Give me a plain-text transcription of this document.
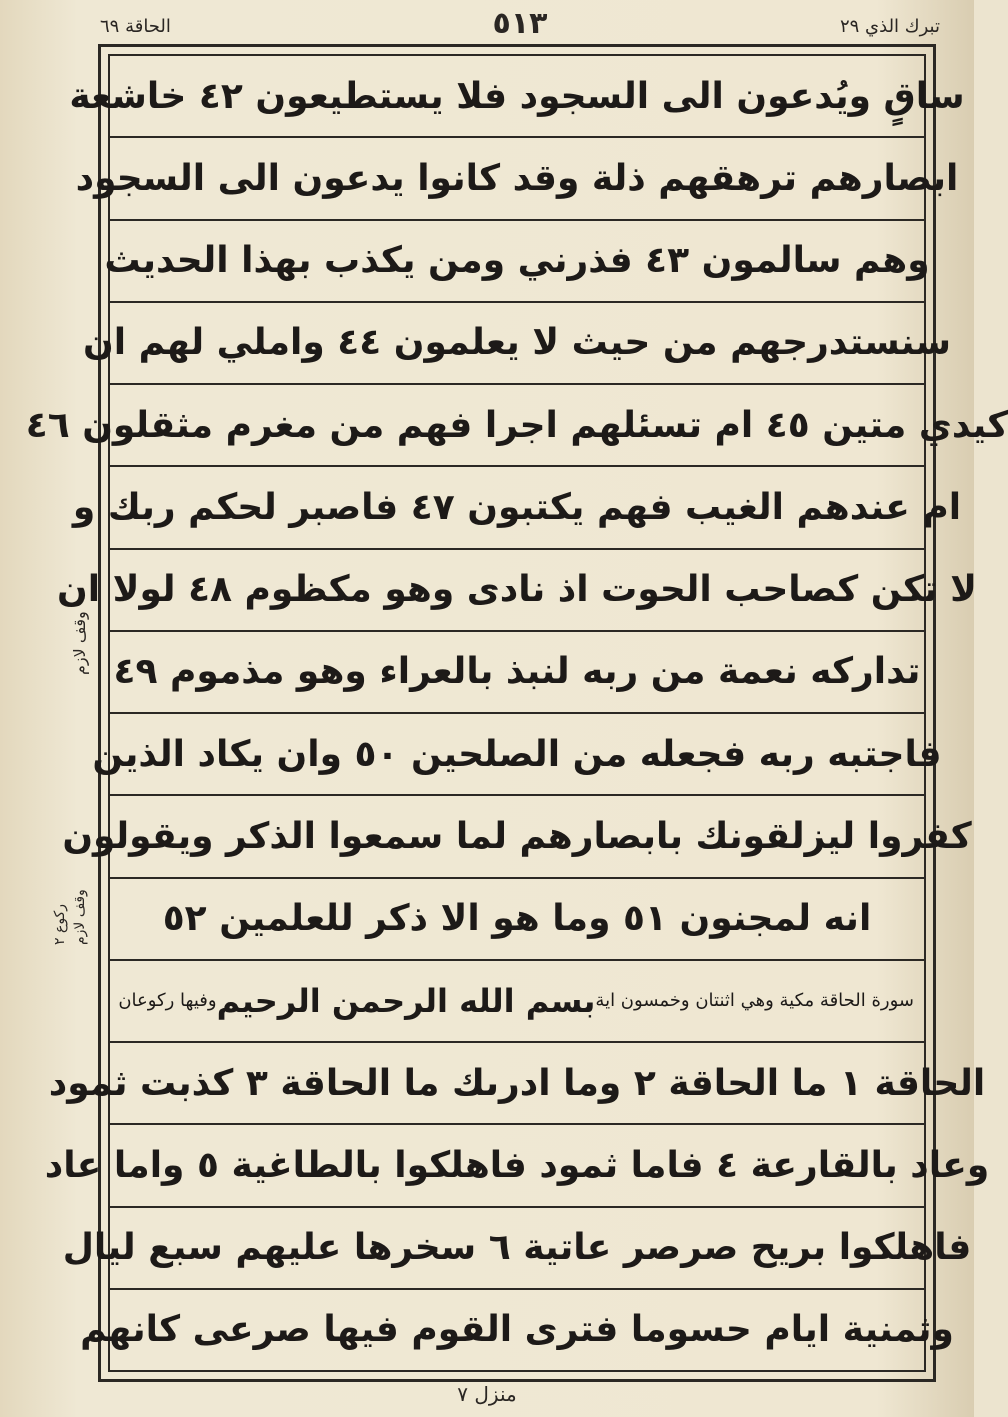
الحاقة ٦٩	٥١٣	تبرك الذي ٢٩
ساقٍ ويُدعون الى السجود فلا يستطيعون ٤٢ خاشعة
ابصارهم ترهقهم ذلة وقد كانوا يدعون الى السجود
وهم سالمون ٤٣ فذرني ومن يكذب بهذا الحديث
سنستدرجهم من حيث لا يعلمون ٤٤ واملي لهم ان
كيدي متين ٤٥ ام تسئلهم اجرا فهم من مغرم مثقلون ٤٦
ام عندهم الغيب فهم يكتبون ٤٧ فاصبر لحكم ربك و
لا تكن كصاحب الحوت اذ نادى وهو مكظوم ٤٨ لولا ان
تداركه نعمة من ربه لنبذ بالعراء وهو مذموم ٤٩
فاجتبه ربه فجعله من الصلحين ٥٠ وان يكاد الذين
كفروا ليزلقونك بابصارهم لما سمعوا الذكر ويقولون
انه لمجنون ٥١ وما هو الا ذكر للعلمين ٥٢
سورة الحاقة مكية وهي اثنتان وخمسون اية
بسم الله الرحمن الرحيم
وفيها ركوعان
الحاقة ١ ما الحاقة ٢ وما ادرىك ما الحاقة ٣ كذبت ثمود
وعاد بالقارعة ٤ فاما ثمود فاهلكوا بالطاغية ٥ واما عاد
فاهلكوا بريح صرصر عاتية ٦ سخرها عليهم سبع ليال
وثمنية ايام حسوما فترى القوم فيها صرعى كانهم
وقف لازم
ركوع ٢ وقف لازم
منزل ٧
